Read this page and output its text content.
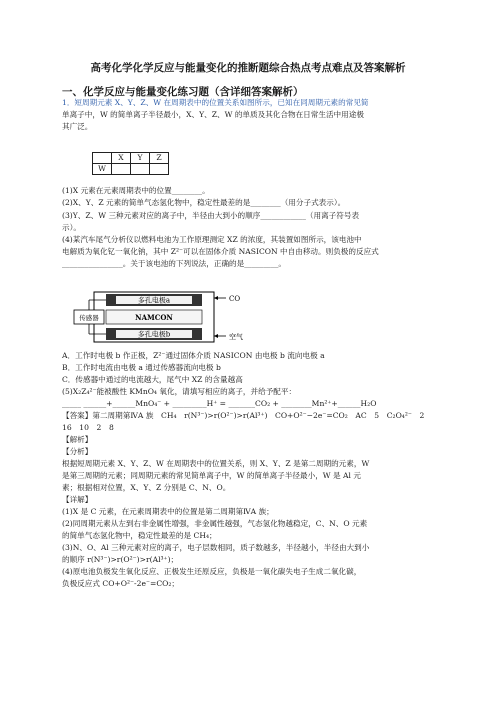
高考化学化学反应与能量变化的推断题综合热点考点难点及答案解析
一、化学反应与能量变化练习题（含详细答案解析）
1．短周期元素 X、Y、Z、W 在周期表中的位置关系如图所示，已知在同周期元素的常见简
单离子中，W 的简单离子半径最小，X、Y、Z、W 的单质及其化合物在日常生活中用途极
其广泛。
	X	Y	Z
W			
(1)X 元素在元素周期表中的位置________。
(2)X、Y、Z 元素的简单气态氢化物中，稳定性最差的是________（用分子式表示）。
(3)Y、Z、W 三种元素对应的离子中，半径由大到小的顺序____________（用离子符号表
示）。
(4)某汽车尾气分析仪以燃料电池为工作原理测定 XZ 的浓度，其装置如图所示，该电池中
电解质为氧化钇一氧化钠，其中 Z²⁻可以在固体介质 NASICON 中自由移动。则负极的反应式
________________。关于该电池的下列说法，正确的是_________。
多孔电极a
NAMCON
多孔电极b
传感器
CO
空气
A．工作时电极 b 作正极，Z²⁻通过固体介质 NASICON 由电极 b 流向电极 a
B．工作时电流由电极 a 通过传感器流向电极 b
C．传感器中通过的电流越大，尾气中 XZ 的含量越高
(5)X₂Z₄²⁻能被酸性 KMnO₄ 氧化，请填写相应的离子，并给予配平：
_____ ______+______MnO₄⁻ + _________H⁺ = _______CO₂ + ________Mn²⁺+______H₂O
【答案】第二周期第ⅣA 族　CH₄　r(N³⁻)>r(O²⁻)>r(Al³⁺)　CO+O²⁻−2e⁻=CO₂　AC　5　C₂O₄²⁻　2
16　10　2　8
【解析】
【分析】
根据短周期元素 X、Y、Z、W 在周期表中的位置关系，则 X、Y、Z 是第二周期的元素，W
是第三周期的元素；同周期元素的常见简单离子中，W 的简单离子半径最小，W 是 Al 元
素；根据相对位置，X、Y、Z 分别是 C、N、O。
【详解】
(1)X 是 C 元素，在元素周期表中的位置是第二周期第ⅣA 族；
(2)同周期元素从左到右非金属性增强，非金属性越强，气态氢化物越稳定，C、N、O 元素
的简单气态氢化物中，稳定性最差的是 CH₄；
(3)N、O、Al 三种元素对应的离子，电子层数相同，质子数越多，半径越小，半径由大到小
的顺序 r(N³⁻)>r(O²⁻)>r(Al³⁺)；
(4)原电池负极发生氧化反应、正极发生还原反应，负极是一氧化碳失电子生成二氧化碳，
负极反应式 CO+O²⁻-2e⁻=CO₂；
